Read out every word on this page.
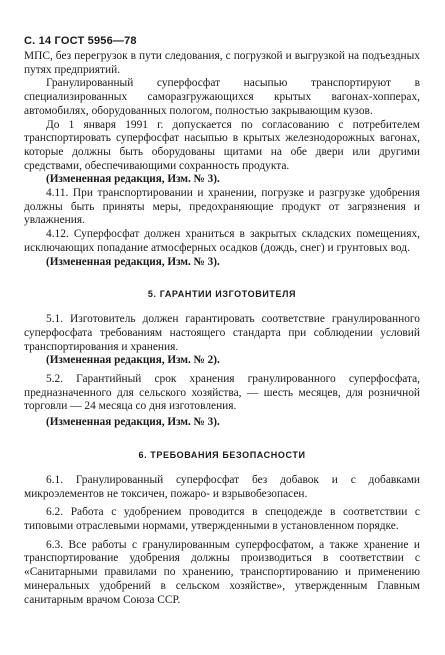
С. 14 ГОСТ 5956—78

МПС, без перегрузок в пути следования, с погрузкой и выгрузкой на подъездных путях предприятий.

Гранулированный суперфосфат насыпью транспортируют в специализированных саморазгружающихся крытых вагонах-хопперах, автомобилях, оборудованных пологом, полностью закрывающим кузов.

До 1 января 1991 г. допускается по согласованию с потребителем транспортировать суперфосфат насыпью в крытых железнодорожных вагонах, которые должны быть оборудованы щитами на обе двери или другими средствами, обеспечивающими сохранность продукта.

(Измененная редакция, Изм. № 3).

4.11. При транспортировании и хранении, погрузке и разгрузке удобрения должны быть приняты меры, предохраняющие продукт от загрязнения и увлажнения.

4.12. Суперфосфат должен храниться в закрытых складских помещениях, исключающих попадание атмосферных осадков (дождь, снег) и грунтовых вод.

(Измененная редакция, Изм. № 3).

5. ГАРАНТИИ ИЗГОТОВИТЕЛЯ

5.1. Изготовитель должен гарантировать соответствие гранулированного суперфосфата требованиям настоящего стандарта при соблюдении условий транспортирования и хранения.

(Измененная редакция, Изм. № 2).

5.2. Гарантийный срок хранения гранулированного суперфосфата, предназначенного для сельского хозяйства, — шесть месяцев, для розничной торговли — 24 месяца со дня изготовления.

(Измененная редакция, Изм. № 3).

6. ТРЕБОВАНИЯ БЕЗОПАСНОСТИ

6.1. Гранулированный суперфосфат без добавок и с добавками микроэлементов не токсичен, пожаро- и взрывобезопасен.

6.2. Работа с удобрением проводится в спецодежде в соответствии с типовыми отраслевыми нормами, утвержденными в установленном порядке.

6.3. Все работы с гранулированным суперфосфатом, а также хранение и транспортирование удобрения должны производиться в соответствии с «Санитарными правилами по хранению, транспортированию и применению минеральных удобрений в сельском хозяйстве», утвержденным Главным санитарным врачом Союза ССР.
